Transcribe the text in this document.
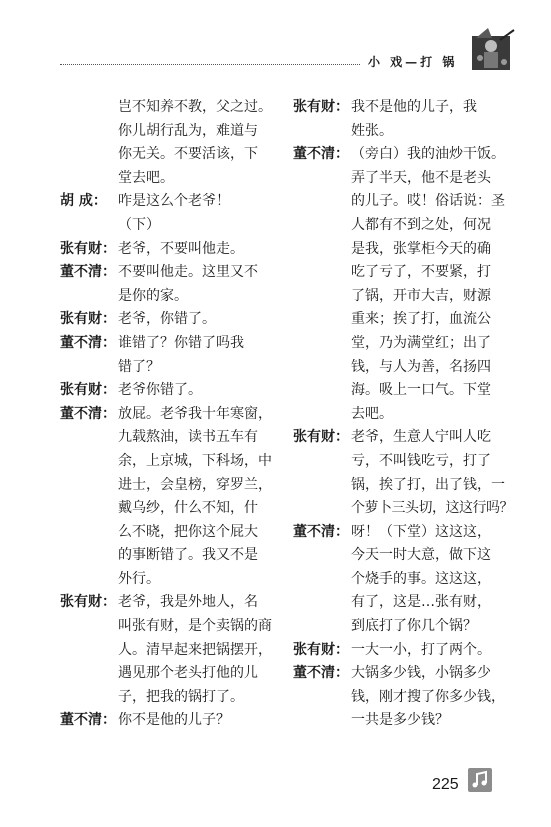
小 戏—打 锅
岂不知养不教，父之过。
你儿胡行乱为，难道与
你无关。不要活该，下
堂去吧。
胡 成： 咋是这么个老爷！
（下）
张有财： 老爷，不要叫他走。
董不清： 不要叫他走。这里又不
是你的家。
张有财： 老爷，你错了。
董不清： 谁错了？你错了吗我
错了？
张有财： 老爷你错了。
董不清： 放屁。老爷我十年寒窗，
九载熬油，读书五车有
余，上京城，下科场，中
进士，会皇榜，穿罗兰，
戴乌纱，什么不知，什
么不晓，把你这个屁大
的事断错了。我又不是
外行。
张有财： 老爷，我是外地人，名
叫张有财，是个卖锅的商
人。清早起来把锅摆开，
遇见那个老头打他的儿
子，把我的锅打了。
董不清： 你不是他的儿子？
张有财： 我不是他的儿子，我
姓张。
董不清： （旁白）我的油炒干饭。
弄了半天，他不是老头
的儿子。哎！俗话说：圣
人都有不到之处，何况
是我，张掌柜今天的确
吃了亏了，不要紧，打
了锅，开市大吉，财源
重来；挨了打，血流公
堂，乃为满堂红；出了
钱，与人为善，名扬四
海。吸上一口气。下堂
去吧。
张有财： 老爷，生意人宁叫人吃
亏，不叫钱吃亏，打了
锅，挨了打，出了钱，一
个萝卜三头切，这这行吗？
董不清： 呀！（下堂）这这这，
今天一时大意，做下这
个烧手的事。这这这，
有了，这是…张有财，
到底打了你几个锅？
张有财： 一大一小，打了两个。
董不清： 大锅多少钱，小锅多少
钱，刚才搜了你多少钱，
一共是多少钱？
225
